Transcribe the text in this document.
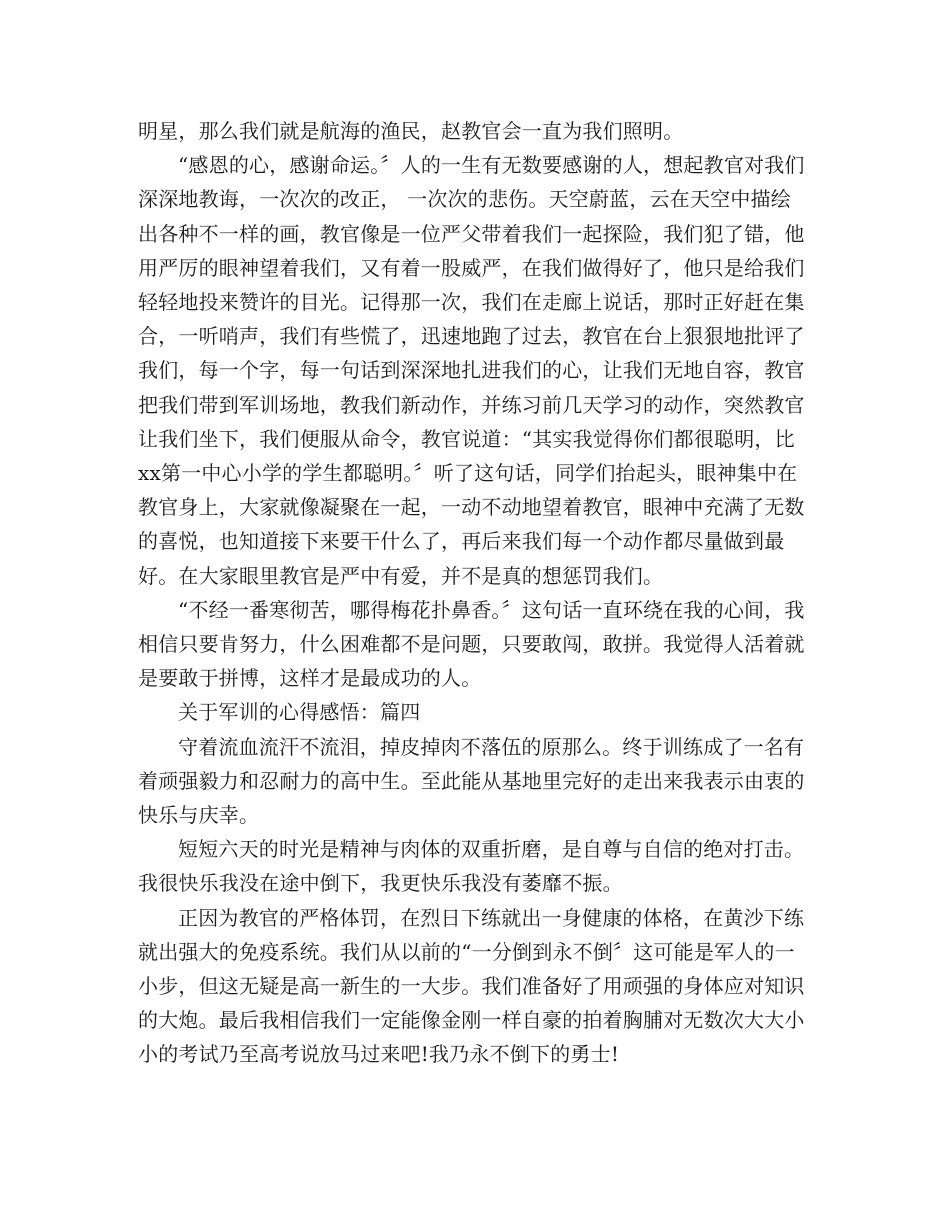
明星，那么我们就是航海的渔民，赵教官会一直为我们照明。

“感恩的心，感谢命运。〞人的一生有无数要感谢的人，想起教官对我们深深地教诲，一次次的改正， 一次次的悲伤。天空蔚蓝，云在天空中描绘出各种不一样的画，教官像是一位严父带着我们一起探险，我们犯了错，他用严厉的眼神望着我们，又有着一股威严，在我们做得好了，他只是给我们轻轻地投来赞许的目光。记得那一次，我们在走廊上说话，那时正好赶在集合，一听哨声，我们有些慌了，迅速地跑了过去，教官在台上狠狠地批评了我们，每一个字，每一句话到深深地扎进我们的心，让我们无地自容，教官把我们带到军训场地，教我们新动作，并练习前几天学习的动作，突然教官让我们坐下，我们便服从命令，教官说道：“其实我觉得你们都很聪明，比xx第一中心小学的学生都聪明。〞听了这句话，同学们抬起头，眼神集中在教官身上，大家就像凝聚在一起，一动不动地望着教官，眼神中充满了无数的喜悦，也知道接下来要干什么了，再后来我们每一个动作都尽量做到最好。在大家眼里教官是严中有爱，并不是真的想惩罚我们。

“不经一番寒彻苦，哪得梅花扑鼻香。〞这句话一直环绕在我的心间，我相信只要肯努力，什么困难都不是问题，只要敢闯，敢拼。我觉得人活着就是要敢于拼博，这样才是最成功的人。

关于军训的心得感悟：篇四

守着流血流汗不流泪，掉皮掉肉不落伍的原那么。终于训练成了一名有着顽强毅力和忍耐力的高中生。至此能从基地里完好的走出来我表示由衷的快乐与庆幸。

短短六天的时光是精神与肉体的双重折磨，是自尊与自信的绝对打击。我很快乐我没在途中倒下，我更快乐我没有萎靡不振。

正因为教官的严格体罚，在烈日下练就出一身健康的体格，在黄沙下练就出强大的免疫系统。我们从以前的“一分倒到永不倒〞这可能是军人的一小步，但这无疑是高一新生的一大步。我们准备好了用顽强的身体应对知识的大炮。最后我相信我们一定能像金刚一样自豪的拍着胸脯对无数次大大小小的考试乃至高考说放马过来吧!我乃永不倒下的勇士!
